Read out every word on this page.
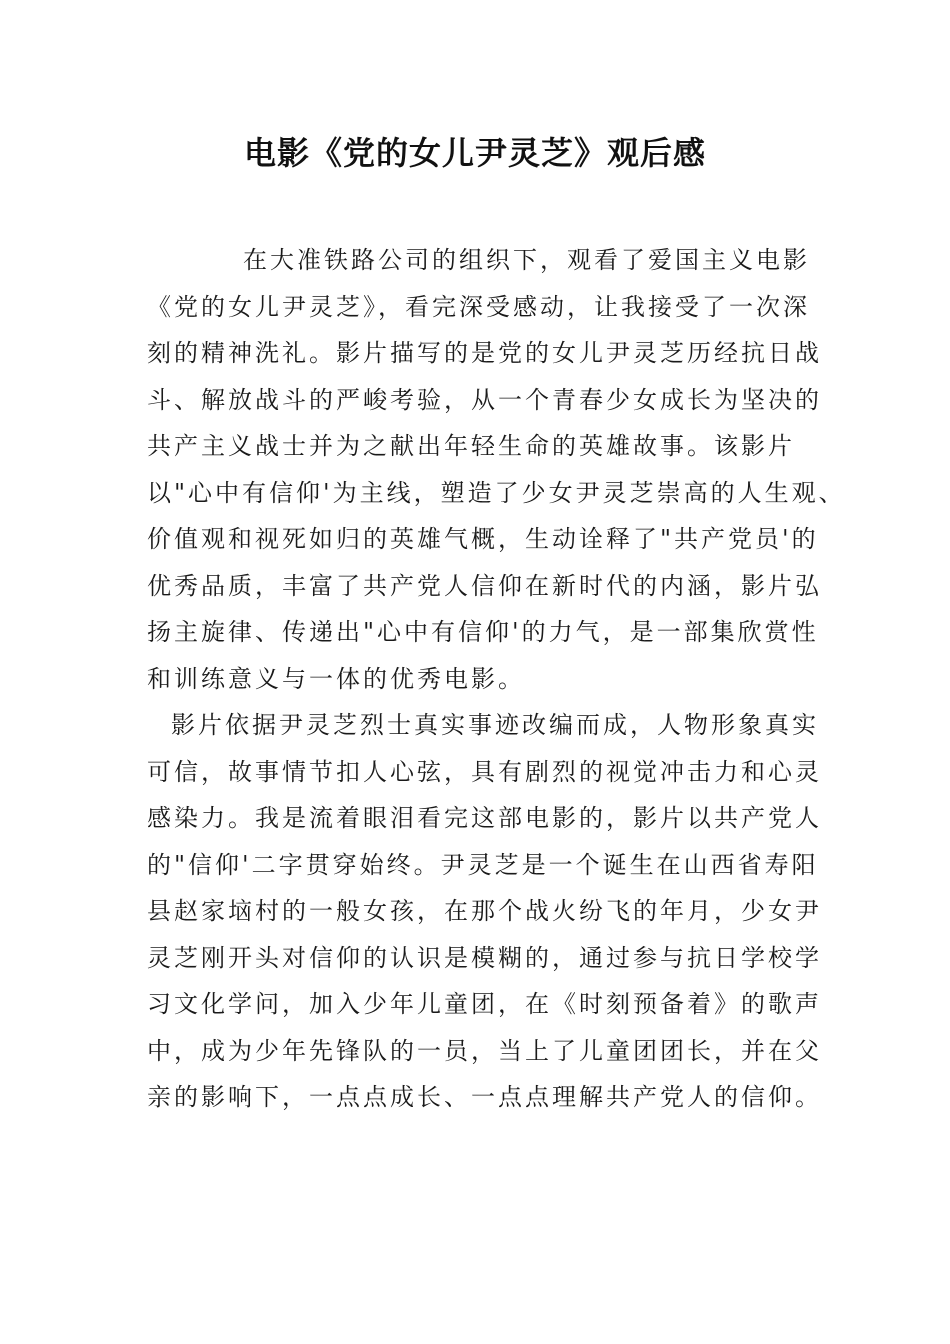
电影《党的女儿尹灵芝》观后感

在大准铁路公司的组织下，观看了爱国主义电影
《党的女儿尹灵芝》，看完深受感动，让我接受了一次深
刻的精神洗礼。影片描写的是党的女儿尹灵芝历经抗日战
斗、解放战斗的严峻考验，从一个青春少女成长为坚决的
共产主义战士并为之献出年轻生命的英雄故事。该影片
以"心中有信仰'为主线，塑造了少女尹灵芝崇高的人生观、
价值观和视死如归的英雄气概，生动诠释了"共产党员'的
优秀品质，丰富了共产党人信仰在新时代的内涵，影片弘
扬主旋律、传递出"心中有信仰'的力气，是一部集欣赏性
和训练意义与一体的优秀电影。

影片依据尹灵芝烈士真实事迹改编而成，人物形象真实
可信，故事情节扣人心弦，具有剧烈的视觉冲击力和心灵
感染力。我是流着眼泪看完这部电影的，影片以共产党人
的"信仰'二字贯穿始终。尹灵芝是一个诞生在山西省寿阳
县赵家垴村的一般女孩，在那个战火纷飞的年月，少女尹
灵芝刚开头对信仰的认识是模糊的，通过参与抗日学校学
习文化学问，加入少年儿童团，在《时刻预备着》的歌声
中，成为少年先锋队的一员，当上了儿童团团长，并在父
亲的影响下，一点点成长、一点点理解共产党人的信仰。
